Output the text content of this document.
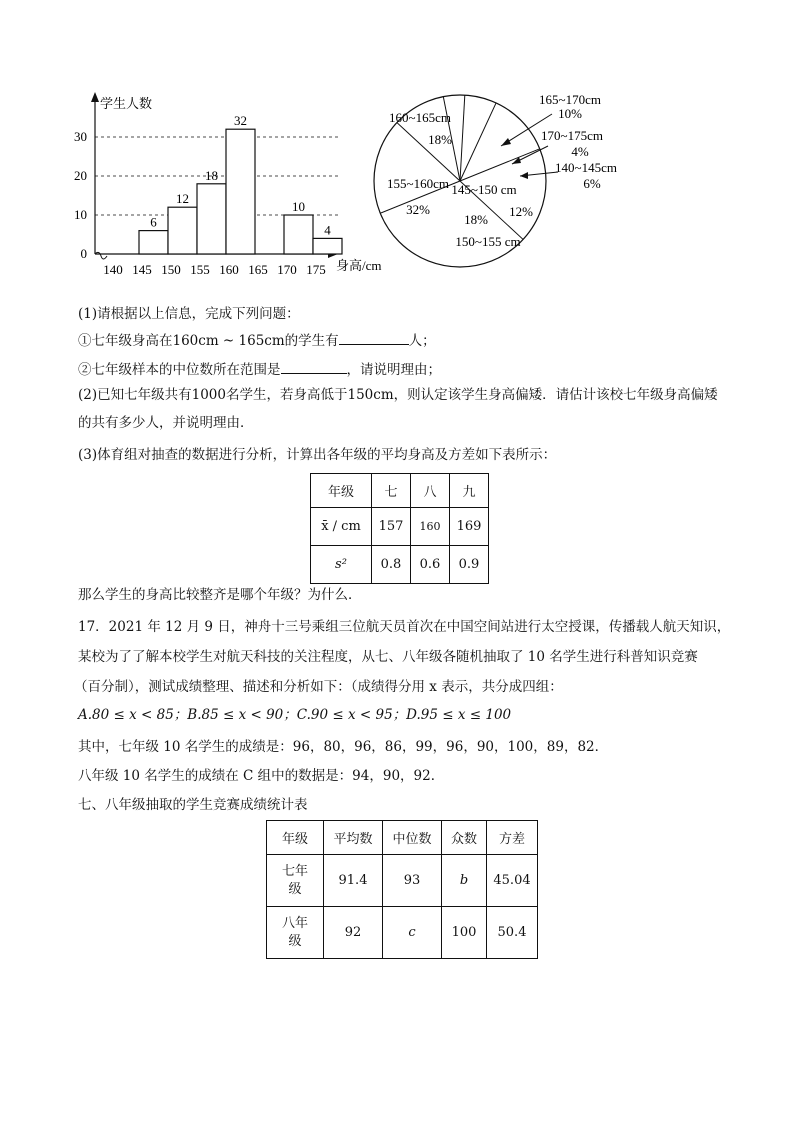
6
12
18
32
10
4
0
10
20
30
140 145 150 155 160 165 170 175
学生人数
身高/cm
160~165cm
18%
165~170cm
10%
170~175cm
4%
140~145cm
6%
145~150 cm
12%
150~155 cm
18%
155~160cm
32%
(1)请根据以上信息，完成下列问题：
①七年级身高在160cm ~ 165cm的学生有	人；
②七年级样本的中位数所在范围是	，请说明理由；
(2)已知七年级共有1000名学生，若身高低于150cm，则认定该学生身高偏矮．请估计该校七年级身高偏矮
的共有多少人，并说明理由．
(3)体育组对抽查的数据进行分析，计算出各年级的平均身高及方差如下表所示：
年级	七	八	九
x̄ / cm	157	160	169
s²	0.8	0.6	0.9
那么学生的身高比较整齐是哪个年级？为什么．
17．2021 年 12 月 9 日，神舟十三号乘组三位航天员首次在中国空间站进行太空授课，传播载人航天知识，
某校为了了解本校学生对航天科技的关注程度，从七、八年级各随机抽取了 10 名学生进行科普知识竞赛
（百分制），测试成绩整理、描述和分析如下：（成绩得分用 x 表示，共分成四组：
A.80 ≤ x < 85；B.85 ≤ x < 90；C.90 ≤ x < 95；D.95 ≤ x ≤ 100
其中，七年级 10 名学生的成绩是：96，80，96，86，99，96，90，100，89，82．
八年级 10 名学生的成绩在 C 组中的数据是：94，90，92．
七、八年级抽取的学生竞赛成绩统计表
年级	平均数	中位数	众数	方差
七年
级	91.4	93	b	45.04
八年
级	92	c	100	50.4
